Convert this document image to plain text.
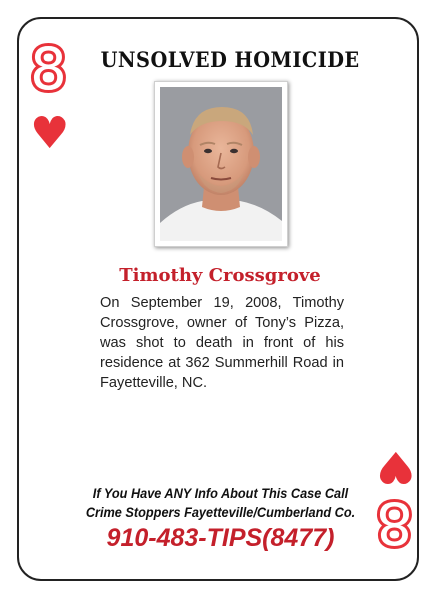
8
♥
UNSOLVED HOMICIDE
Timothy Crossgrove
On September 19, 2008, Timothy Crossgrove, owner of Tony’s Pizza, was shot to death in front of his residence at 362 Summerhill Road in Fayetteville, NC.
If You Have ANY Info About This Case Call
Crime Stoppers Fayetteville/Cumberland Co.
910-483-TIPS(8477)
♥
8
